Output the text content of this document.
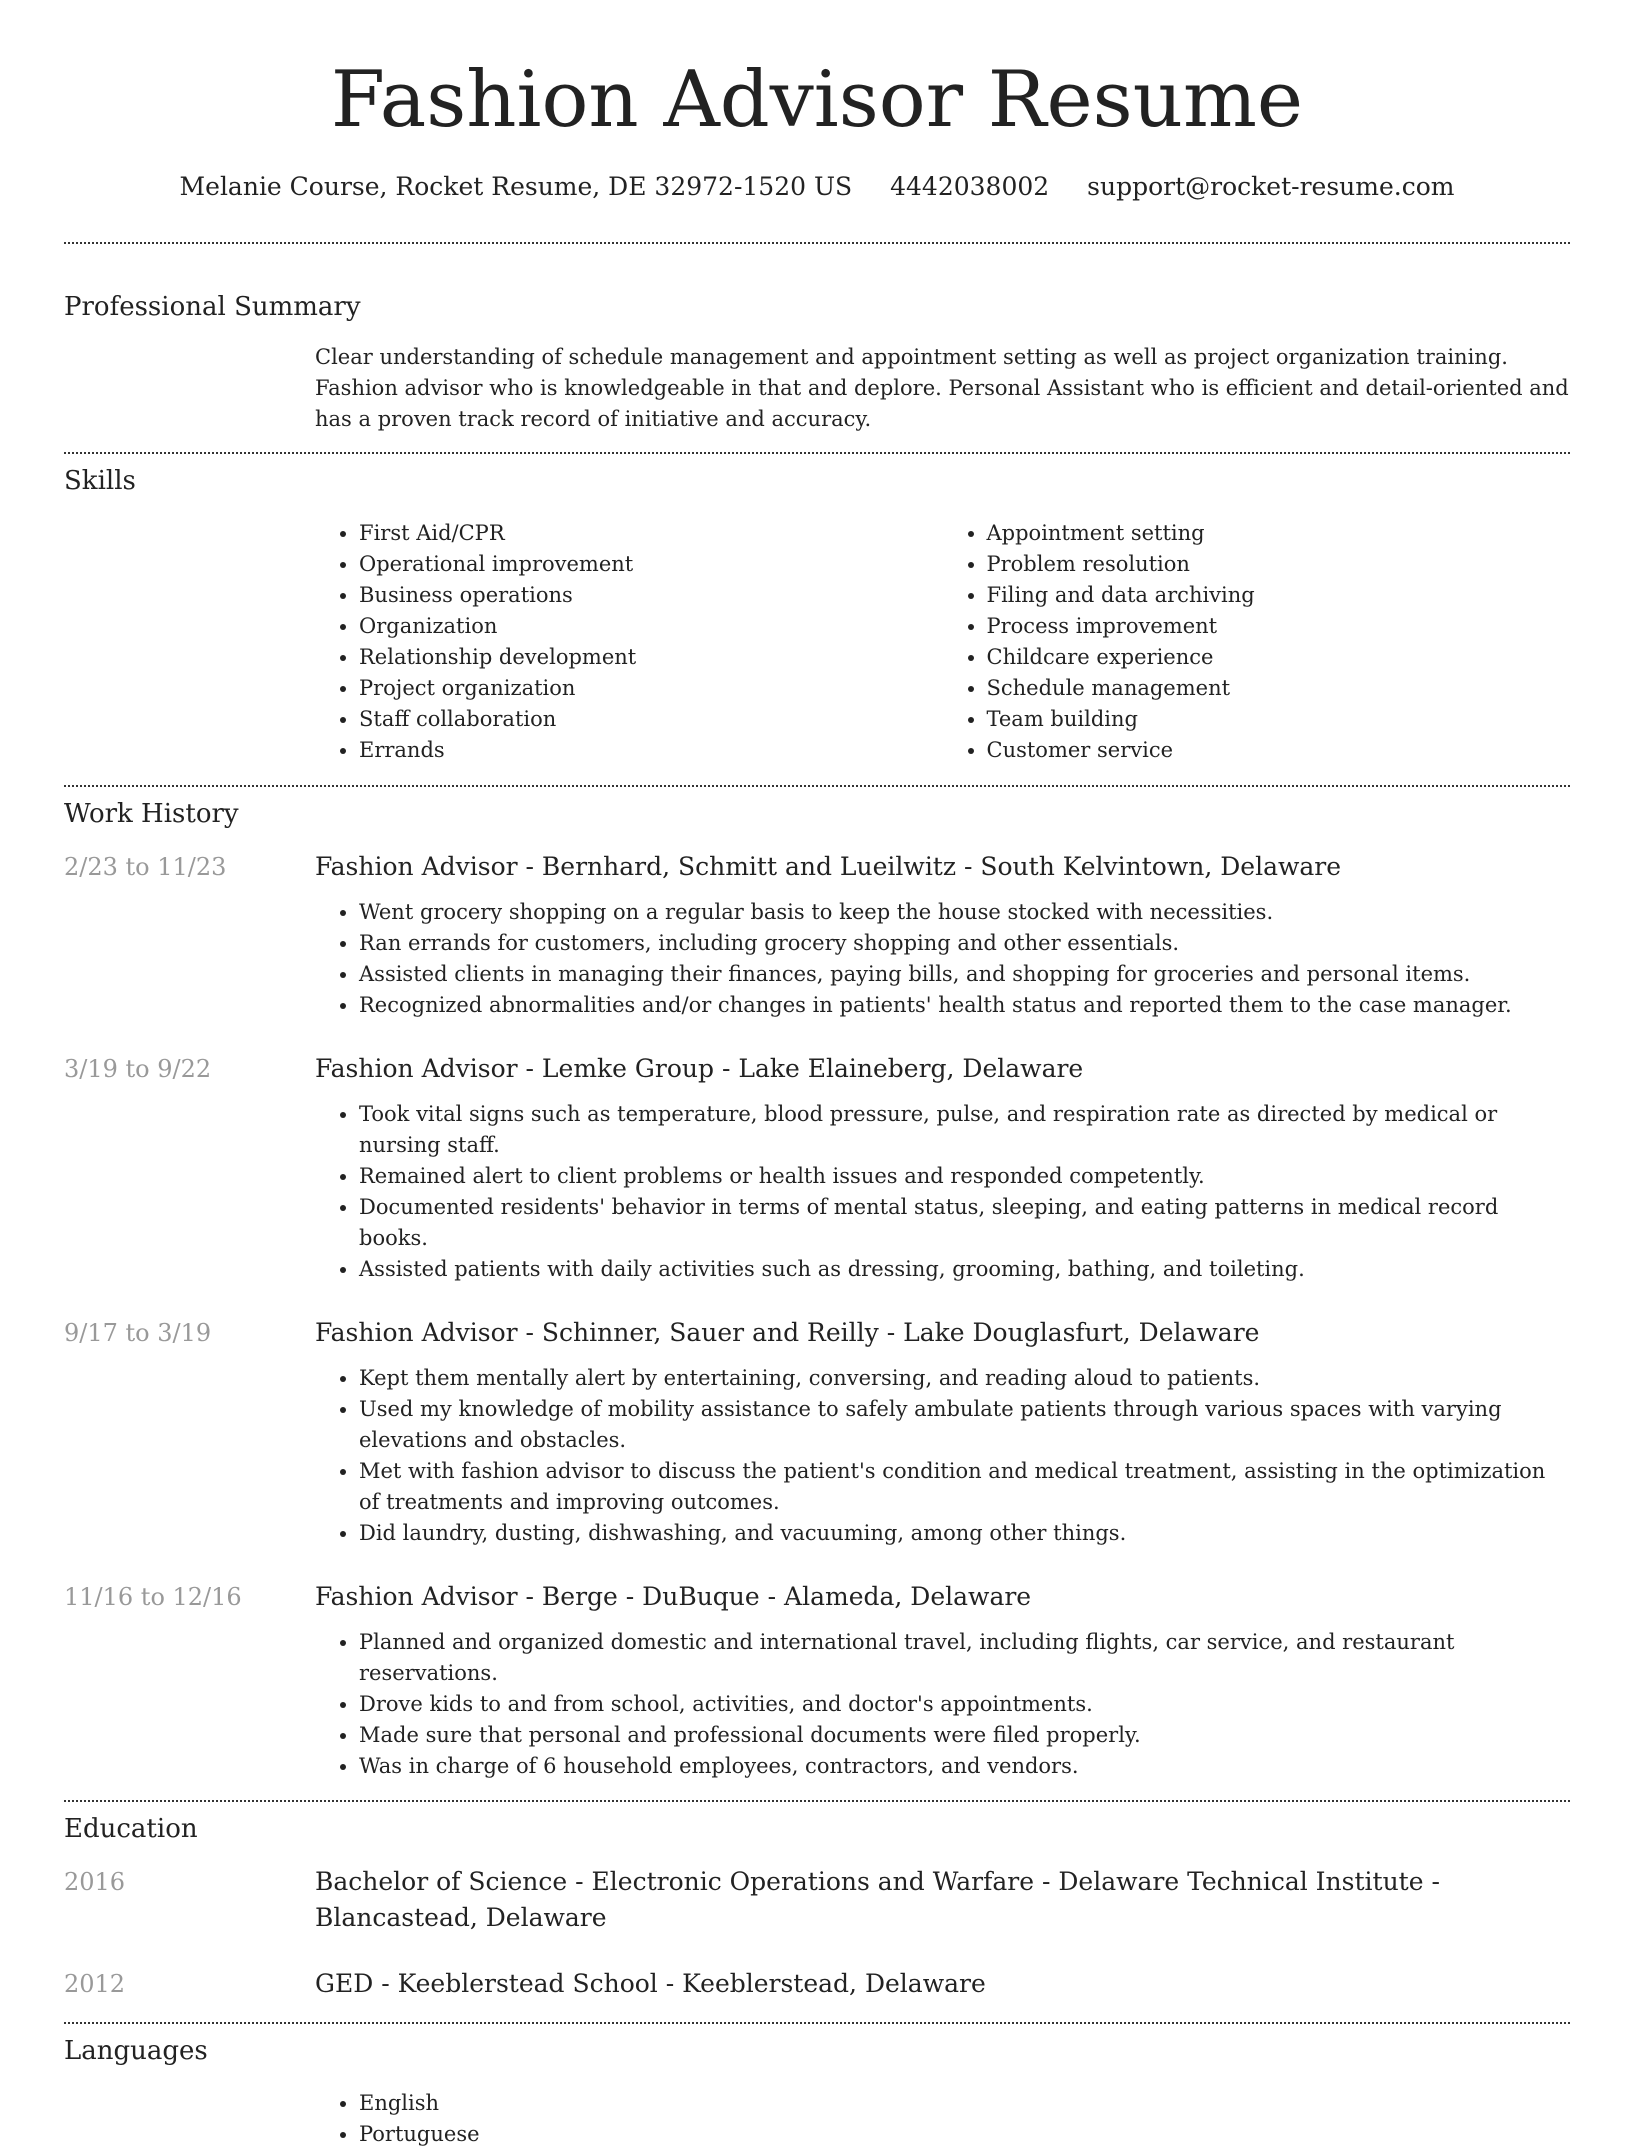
Fashion Advisor Resume
Melanie Course, Rocket Resume, DE 32972-1520 US 4442038002 support@rocket-resume.com
Professional Summary

Clear understanding of schedule management and appointment setting as well as project organization training. Fashion advisor who is knowledgeable in that and deplore. Personal Assistant who is efficient and detail-oriented and has a proven track record of initiative and accuracy.

Skills
• First Aid/CPR
• Operational improvement
• Business operations
• Organization
• Relationship development
• Project organization
• Staff collaboration
• Errands
• Appointment setting
• Problem resolution
• Filing and data archiving
• Process improvement
• Childcare experience
• Schedule management
• Team building
• Customer service
Work History
2/23 to 11/23	Fashion Advisor - Bernhard, Schmitt and Lueilwitz - South Kelvintown, Delaware
• Went grocery shopping on a regular basis to keep the house stocked with necessities.
• Ran errands for customers, including grocery shopping and other essentials.
• Assisted clients in managing their finances, paying bills, and shopping for groceries and personal items.
• Recognized abnormalities and/or changes in patients' health status and reported them to the case manager.
3/19 to 9/22	Fashion Advisor - Lemke Group - Lake Elaineberg, Delaware
• Took vital signs such as temperature, blood pressure, pulse, and respiration rate as directed by medical or nursing staff.
• Remained alert to client problems or health issues and responded competently.
• Documented residents' behavior in terms of mental status, sleeping, and eating patterns in medical record books.
• Assisted patients with daily activities such as dressing, grooming, bathing, and toileting.
9/17 to 3/19	Fashion Advisor - Schinner, Sauer and Reilly - Lake Douglasfurt, Delaware
• Kept them mentally alert by entertaining, conversing, and reading aloud to patients.
• Used my knowledge of mobility assistance to safely ambulate patients through various spaces with varying elevations and obstacles.
• Met with fashion advisor to discuss the patient's condition and medical treatment, assisting in the optimization of treatments and improving outcomes.
• Did laundry, dusting, dishwashing, and vacuuming, among other things.
11/16 to 12/16	Fashion Advisor - Berge - DuBuque - Alameda, Delaware
• Planned and organized domestic and international travel, including flights, car service, and restaurant reservations.
• Drove kids to and from school, activities, and doctor's appointments.
• Made sure that personal and professional documents were filed properly.
• Was in charge of 6 household employees, contractors, and vendors.
Education
2016	Bachelor of Science - Electronic Operations and Warfare - Delaware Technical Institute - Blancastead, Delaware
2012	GED - Keeblerstead School - Keeblerstead, Delaware
Languages
• English
• Portuguese
